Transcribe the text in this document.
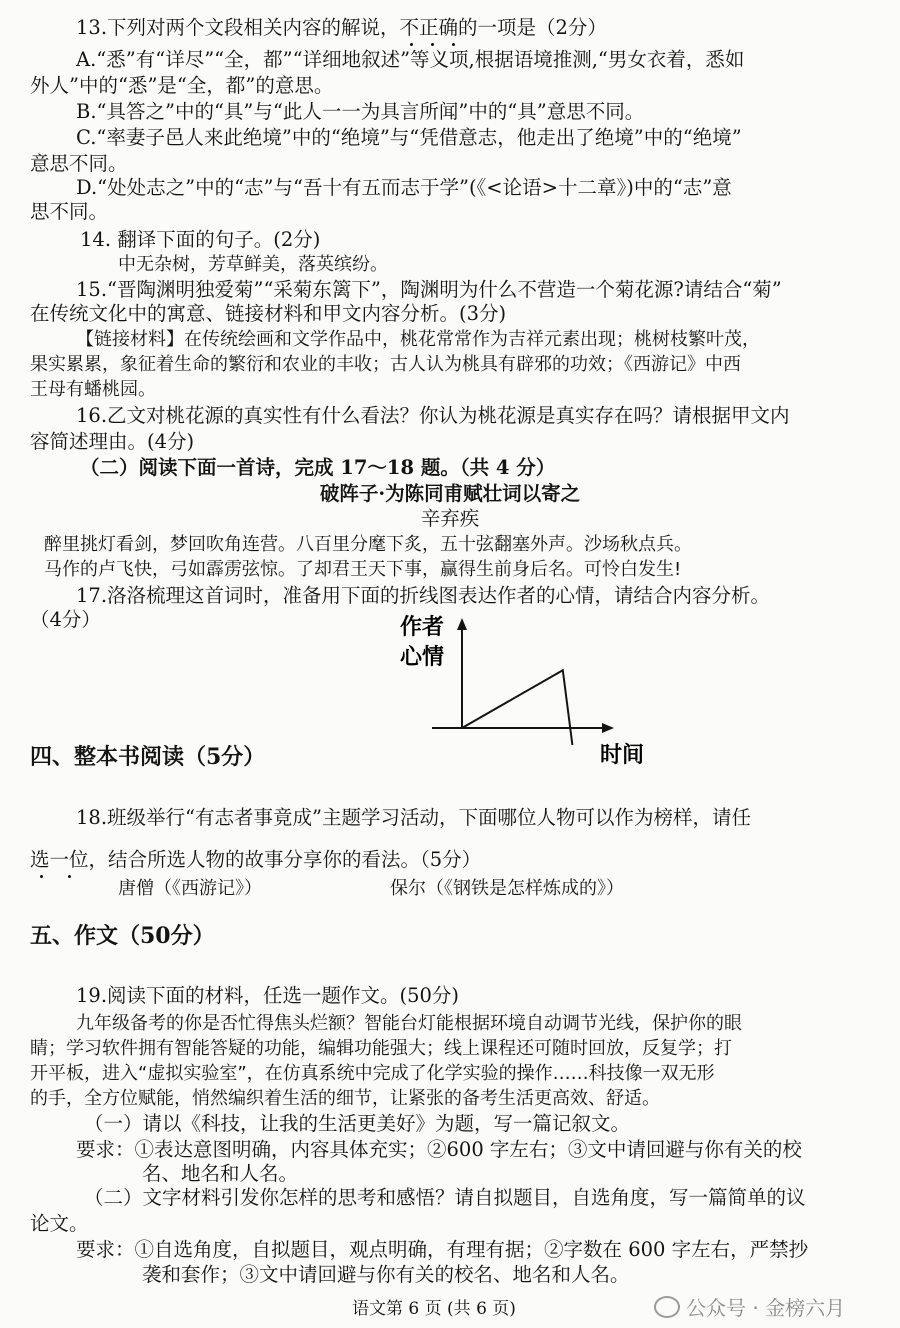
13.下列对两个文段相关内容的解说，不正确的一项是（2分）
A.“悉”有“详尽”“全，都”“详细地叙述”等义项,根据语境推测,“男女衣着，悉如
外人”中的“悉”是“全，都”的意思。
B.“具答之”中的“具”与“此人一一为具言所闻”中的“具”意思不同。
C.“率妻子邑人来此绝境”中的“绝境”与“凭借意志，他走出了绝境”中的“绝境”
意思不同。
D.“处处志之”中的“志”与“吾十有五而志于学”(《<论语>十二章》)中的“志”意
思不同。
14. 翻译下面的句子。(2分)
中无杂树，芳草鲜美，落英缤纷。
15.“晋陶渊明独爱菊”“采菊东篱下”，陶渊明为什么不营造一个菊花源?请结合“菊”
在传统文化中的寓意、链接材料和甲文内容分析。(3分)
【链接材料】在传统绘画和文学作品中，桃花常常作为吉祥元素出现；桃树枝繁叶茂，
果实累累，象征着生命的繁衍和农业的丰收；古人认为桃具有辟邪的功效；《西游记》中西
王母有蟠桃园。
16.乙文对桃花源的真实性有什么看法？你认为桃花源是真实存在吗？请根据甲文内
容简述理由。(4分)
（二）阅读下面一首诗，完成 17～18 题。（共 4 分）
破阵子·为陈同甫赋壮词以寄之
辛弃疾
醉里挑灯看剑，梦回吹角连营。八百里分麾下炙，五十弦翻塞外声。沙场秋点兵。
马作的卢飞快，弓如霹雳弦惊。了却君王天下事，赢得生前身后名。可怜白发生!
17.洛洛梳理这首词时，准备用下面的折线图表达作者的心情，请结合内容分析。
（4分）	作者
心情
时间
四、整本书阅读（5分）
18.班级举行“有志者事竟成”主题学习活动，下面哪位人物可以作为榜样，请任
选一位，结合所选人物的故事分享你的看法。（5分）
唐僧（《西游记》）	保尔（《钢铁是怎样炼成的》）
五、作文（50分）
19.阅读下面的材料，任选一题作文。(50分)
九年级备考的你是否忙得焦头烂额？智能台灯能根据环境自动调节光线，保护你的眼
睛；学习软件拥有智能答疑的功能，编辑功能强大；线上课程还可随时回放，反复学；打
开平板，进入“虚拟实验室”，在仿真系统中完成了化学实验的操作……科技像一双无形
的手，全方位赋能，悄然编织着生活的细节，让紧张的备考生活更高效、舒适。
（一）请以《科技，让我的生活更美好》为题，写一篇记叙文。
要求：①表达意图明确，内容具体充实；②600 字左右；③文中请回避与你有关的校
名、地名和人名。
（二）文字材料引发你怎样的思考和感悟？请自拟题目，自选角度，写一篇简单的议
论文。
要求：①自选角度，自拟题目，观点明确，有理有据；②字数在 600 字左右，严禁抄
袭和套作；③文中请回避与你有关的校名、地名和人名。
语文第 6 页 (共 6 页)	公众号 · 金榜六月
